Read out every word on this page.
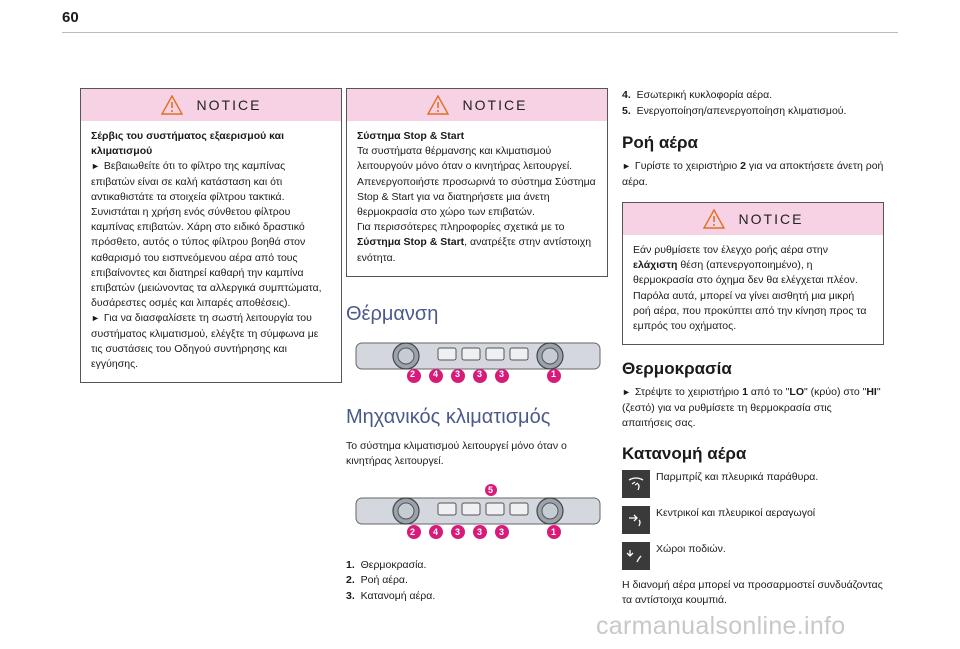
60
NOTICE
Σέρβις του συστήματος εξαερισμού και κλιματισμού
► Βεβαιωθείτε ότι το φίλτρο της καμπίνας επιβατών είναι σε καλή κατάσταση και ότι αντικαθιστάτε τα στοιχεία φίλτρου τακτικά. Συνιστάται η χρήση ενός σύνθετου φίλτρου καμπίνας επιβατών. Χάρη στο ειδικό δραστικό πρόσθετο, αυτός ο τύπος φίλτρου βοηθά στον καθαρισμό του εισπνεόμενου αέρα από τους επιβαίνοντες και διατηρεί καθαρή την καμπίνα επιβατών (μειώνοντας τα αλλεργικά συμπτώματα, δυσάρεστες οσμές και λιπαρές αποθέσεις).
► Για να διασφαλίσετε τη σωστή λειτουργία του συστήματος κλιματισμού, ελέγξτε τη σύμφωνα με τις συστάσεις του Οδηγού συντήρησης και εγγύησης.
NOTICE
Σύστημα Stop & Start
Τα συστήματα θέρμανσης και κλιματισμού λειτουργούν μόνο όταν ο κινητήρας λειτουργεί. Απενεργοποιήστε προσωρινά το σύστημα Σύστημα Stop & Start για να διατηρήσετε μια άνετη θερμοκρασία στο χώρο των επιβατών.
Για περισσότερες πληροφορίες σχετικά με το Σύστημα Stop & Start, ανατρέξτε στην αντίστοιχη ενότητα.
Θέρμανση
2 4 3 3 3	1
Μηχανικός κλιματισμός
Το σύστημα κλιματισμού λειτουργεί μόνο όταν ο κινητήρας λειτουργεί.
5
2 4 3 3 3	1
1. Θερμοκρασία.
2. Ροή αέρα.
3. Κατανομή αέρα.
4. Εσωτερική κυκλοφορία αέρα.
5. Ενεργοποίηση/απενεργοποίηση κλιματισμού.
Ροή αέρα
► Γυρίστε το χειριστήριο 2 για να αποκτήσετε άνετη ροή αέρα.
NOTICE
Εάν ρυθμίσετε τον έλεγχο ροής αέρα στην ελάχιστη θέση (απενεργοποιημένο), η θερμοκρασία στο όχημα δεν θα ελέγχεται πλέον. Παρόλα αυτά, μπορεί να γίνει αισθητή μια μικρή ροή αέρα, που προκύπτει από την κίνηση προς τα εμπρός του οχήματος.
Θερμοκρασία
► Στρέψτε το χειριστήριο 1 από το "LO" (κρύο) στο "HI" (ζεστό) για να ρυθμίσετε τη θερμοκρασία στις απαιτήσεις σας.
Κατανομή αέρα
Παρμπρίζ και πλευρικά παράθυρα.
Κεντρικοί και πλευρικοί αεραγωγοί
Χώροι ποδιών.
Η διανομή αέρα μπορεί να προσαρμοστεί συνδυάζοντας τα αντίστοιχα κουμπιά.
carmanualsonline.info
